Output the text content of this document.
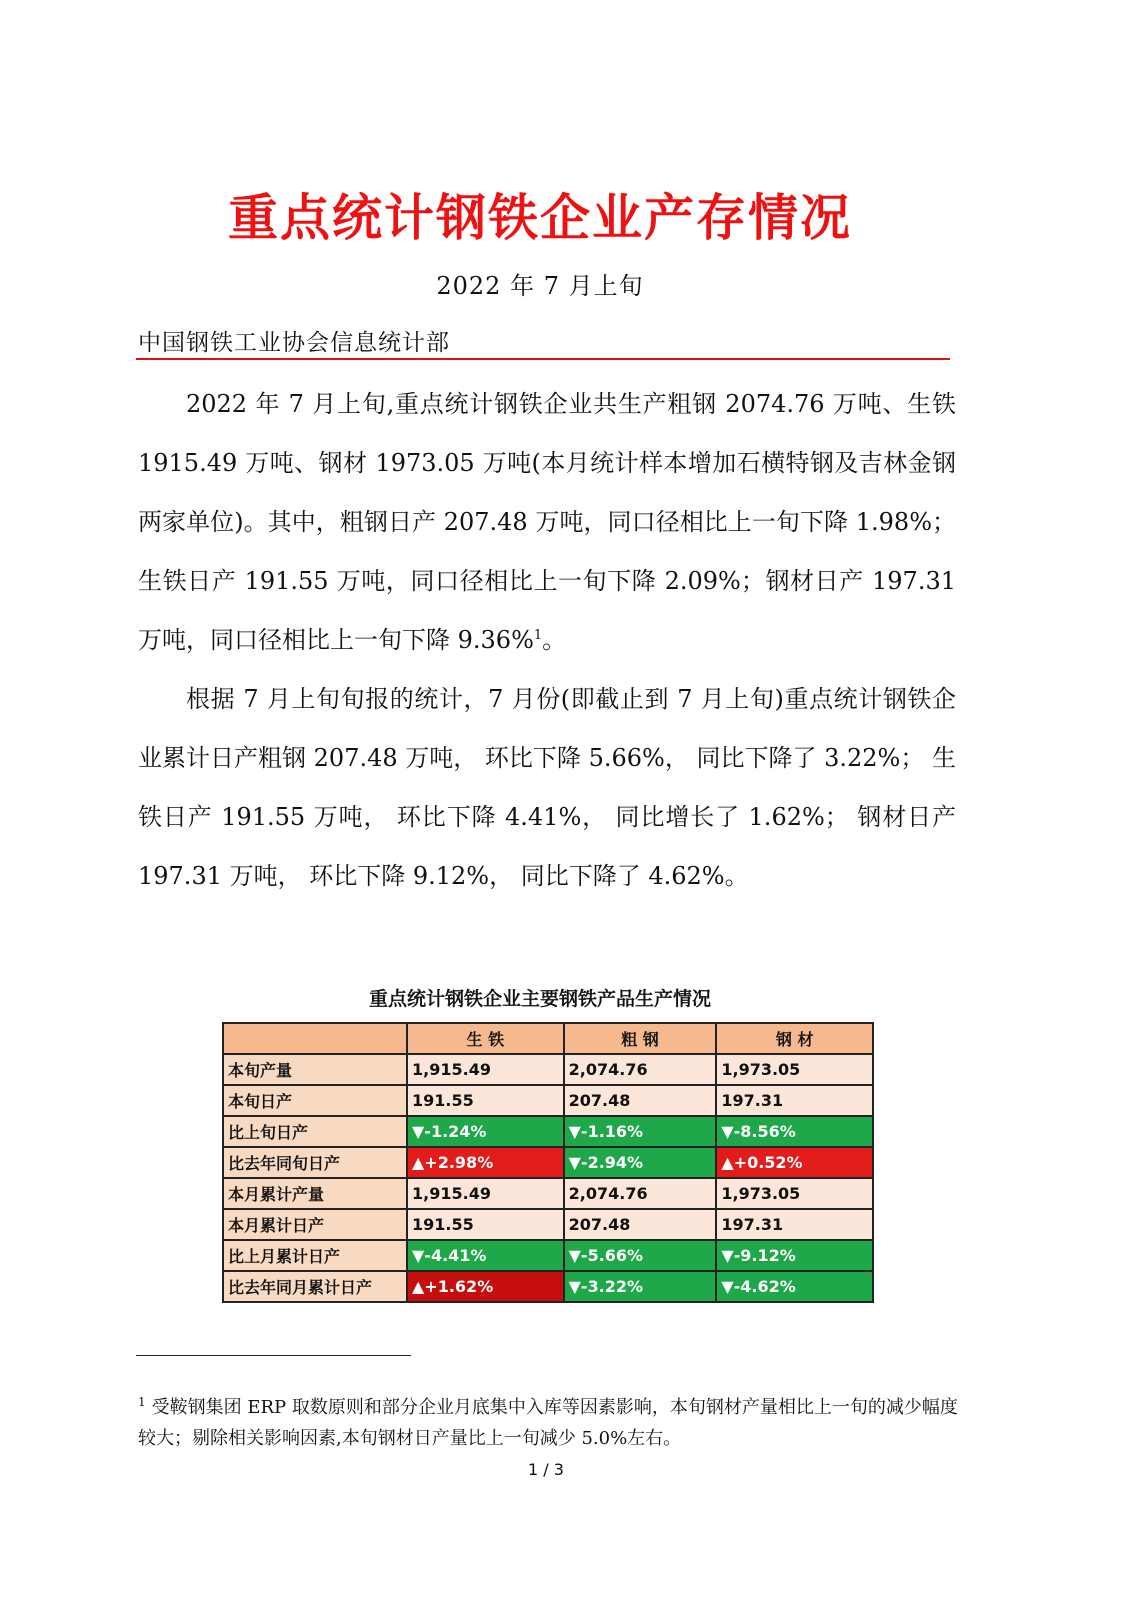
重点统计钢铁企业产存情况
2022 年 7 月上旬
中国钢铁工业协会信息统计部

2022 年 7 月上旬,重点统计钢铁企业共生产粗钢 2074.76 万吨、生铁 1915.49 万吨、钢材 1973.05 万吨(本月统计样本增加石横特钢及吉林金钢两家单位)。其中，粗钢日产 207.48 万吨，同口径相比上一旬下降 1.98%；生铁日产 191.55 万吨，同口径相比上一旬下降 2.09%；钢材日产 197.31 万吨，同口径相比上一旬下降 9.36%$^1$。

根据 7 月上旬旬报的统计，7 月份(即截止到 7 月上旬)重点统计钢铁企业累计日产粗钢 207.48 万吨， 环比下降 5.66%， 同比下降了 3.22%； 生铁日产 191.55 万吨， 环比下降 4.41%， 同比增长了 1.62%； 钢材日产 197.31 万吨， 环比下降 9.12%， 同比下降了 4.62%。

重点统计钢铁企业主要钢铁产品生产情况
	生 铁	粗 钢	钢 材
本旬产量	1,915.49	2,074.76	1,973.05
本旬日产	191.55	207.48	197.31
比上旬日产	▼-1.24%	▼-1.16%	▼-8.56%
比去年同旬日产	▲+2.98%	▼-2.94%	▲+0.52%
本月累计产量	1,915.49	2,074.76	1,973.05
本月累计日产	191.55	207.48	197.31
比上月累计日产	▼-4.41%	▼-5.66%	▼-9.12%
比去年同月累计日产	▲+1.62%	▼-3.22%	▼-4.62%

$^1$ 受鞍钢集团 ERP 取数原则和部分企业月底集中入库等因素影响，本旬钢材产量相比上一旬的减少幅度较大；剔除相关影响因素,本旬钢材日产量比上一旬减少 5.0%左右。

1 / 3
